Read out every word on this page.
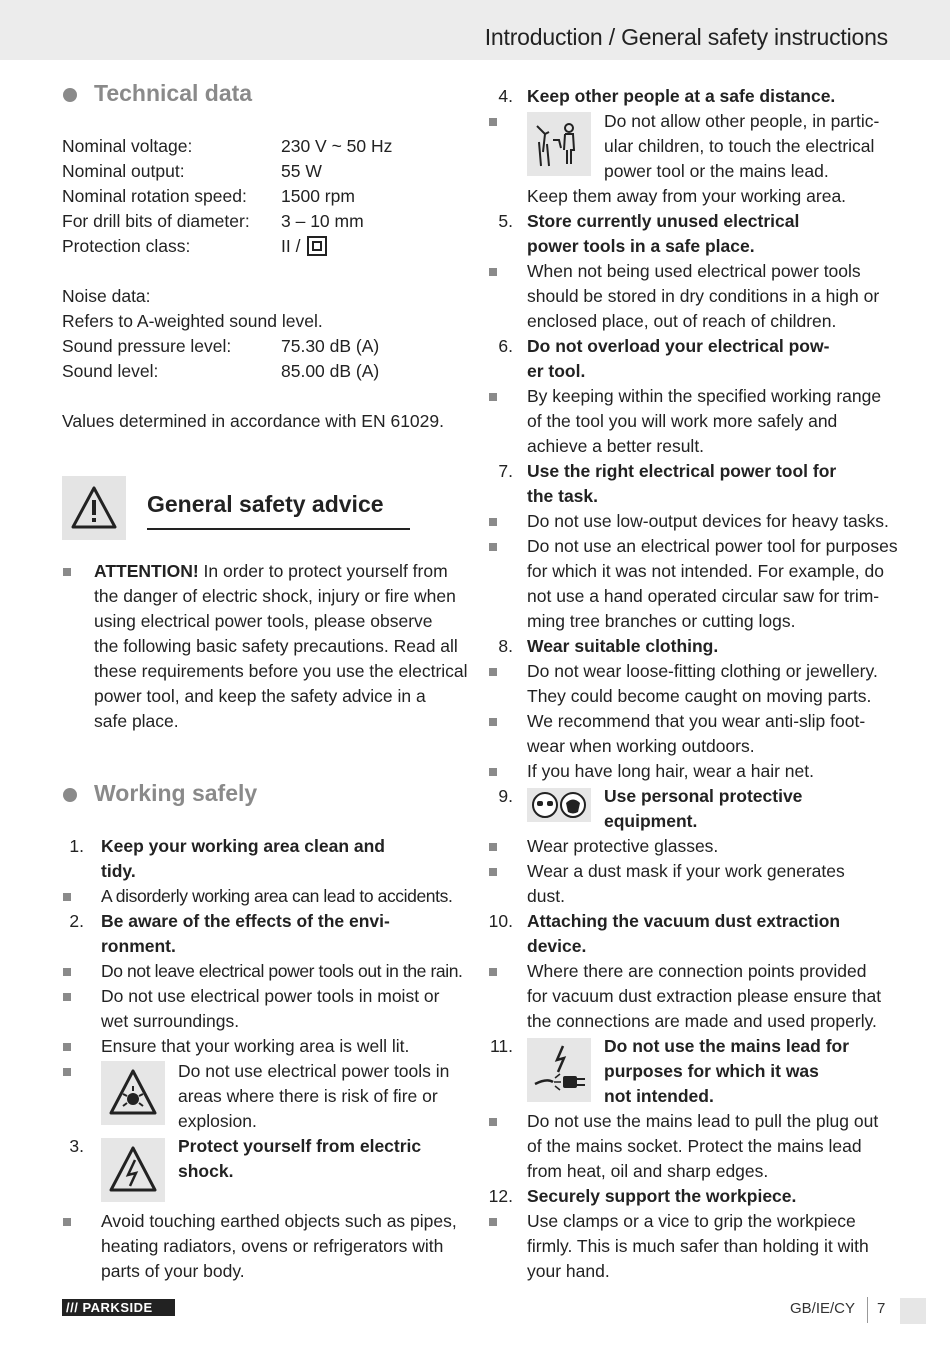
Introduction / General safety instructions
Technical data
Nominal voltage:	230 V ~ 50 Hz
Nominal output:	55 W
Nominal rotation speed: 1500 rpm
For drill bits of diameter: 3 – 10 mm
Protection class:	II /
Noise data:
Refers to A-weighted sound level.
Sound pressure level:	75.30 dB (A)
Sound level:	85.00 dB (A)
Values determined in accordance with EN 61029.
General safety advice
ATTENTION! In order to protect yourself from
the danger of electric shock, injury or fire when
using electrical power tools, please observe
the following basic safety precautions. Read all
these requirements before you use the electrical
power tool, and keep the safety advice in a
safe place.
Working safely
1. Keep your working area clean and
tidy.
A disorderly working area can lead to accidents.
2. Be aware of the effects of the envi-
ronment.
Do not leave electrical power tools out in the rain.
Do not use electrical power tools in moist or
wet surroundings.
Ensure that your working area is well lit.
Do not use electrical power tools in
areas where there is risk of fire or
explosion.
3.	Protect yourself from electric
shock.
Avoid touching earthed objects such as pipes,
heating radiators, ovens or refrigerators with
parts of your body.
4. Keep other people at a safe distance.
Do not allow other people, in partic-
ular children, to touch the electrical
power tool or the mains lead.
Keep them away from your working area.
5. Store currently unused electrical
power tools in a safe place.
When not being used electrical power tools
should be stored in dry conditions in a high or
enclosed place, out of reach of children.
6. Do not overload your electrical pow-
er tool.
By keeping within the specified working range
of the tool you will work more safely and
achieve a better result.
7. Use the right electrical power tool for
the task.
Do not use low-output devices for heavy tasks.
Do not use an electrical power tool for purposes
for which it was not intended. For example, do
not use a hand operated circular saw for trim-
ming tree branches or cutting logs.
8. Wear suitable clothing.
Do not wear loose-fitting clothing or jewellery.
They could become caught on moving parts.
We recommend that you wear anti-slip foot-
wear when working outdoors.
If you have long hair, wear a hair net.
9.	Use personal protective
equipment.
Wear protective glasses.
Wear a dust mask if your work generates
dust.
10. Attaching the vacuum dust extraction
device.
Where there are connection points provided
for vacuum dust extraction please ensure that
the connections are made and used properly.
11.	Do not use the mains lead for
purposes for which it was
not intended.
Do not use the mains lead to pull the plug out
of the mains socket. Protect the mains lead
from heat, oil and sharp edges.
12. Securely support the workpiece.
Use clamps or a vice to grip the workpiece
firmly. This is much safer than holding it with
your hand.
/// PARKSIDE	GB/IE/CY 7
